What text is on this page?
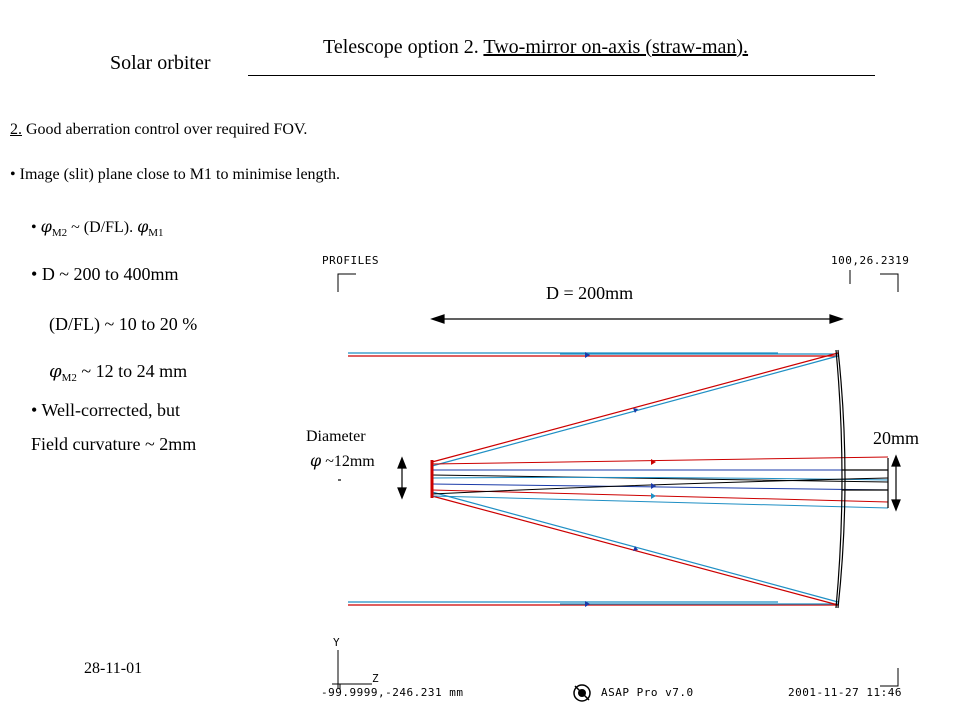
Telescope option 2. Two-mirror on-axis (straw-man).
Solar orbiter
2. Good aberration control over required FOV.
• Image (slit) plane close to M1 to minimise length.
• $\varphi_{M2}$ ~ (D/FL). $\varphi_{M1}$
• D ~ 200 to 400mm
(D/FL) ~ 10 to 20 %
$\varphi_{M2}$ ~ 12 to 24 mm
• Well-corrected, but
Field curvature ~ 2mm
28-11-01
PROFILES	100,26.2319
D = 200mm
Diameter
φ ~12mm
20mm
Y
Z
-99.9999,-246.231 mm	ASAP Pro v7.0	2001-11-27 11:46
